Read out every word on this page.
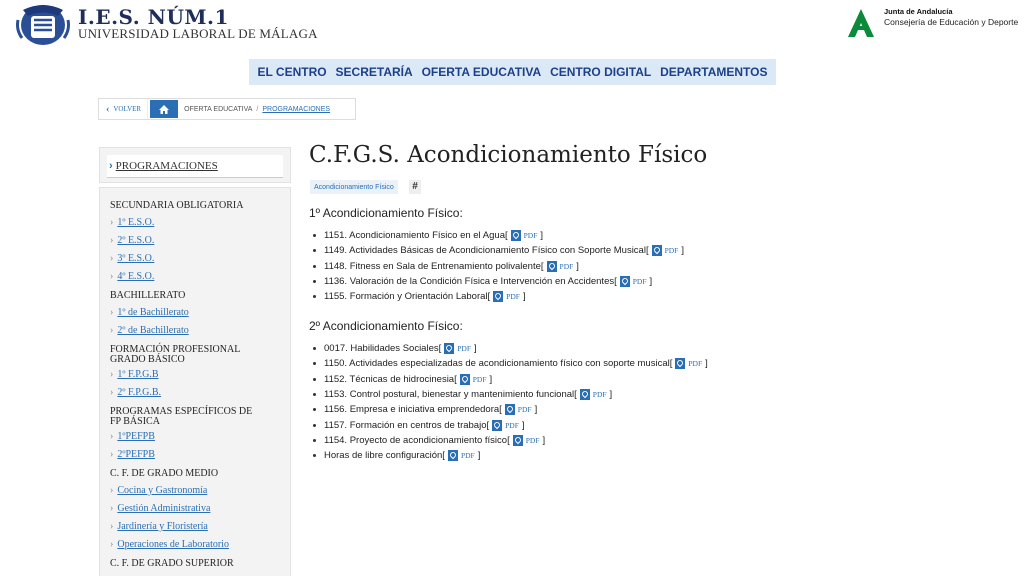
I.E.S. NÚM.1
UNIVERSIDAD LABORAL DE MÁLAGA
Junta de Andalucía
Consejería de Educación y Deporte
EL CENTRO SECRETARÍA OFERTA EDUCATIVA CENTRO DIGITAL DEPARTAMENTOS
‹ VOLVER	OFERTA EDUCATIVA / PROGRAMACIONES
› PROGRAMACIONES
SECUNDARIA OBLIGATORIA
› 1º E.S.O.
› 2º E.S.O.
› 3º E.S.O.
› 4º E.S.O.
BACHILLERATO
› 1º de Bachillerato
› 2º de Bachillerato
FORMACIÓN PROFESIONAL GRADO BÁSICO
› 1º F.P.G.B
› 2º F.P.G.B.
PROGRAMAS ESPECÍFICOS DE FP BÁSICA
› 1ºPEFPB
› 2ºPEFPB
C. F. DE GRADO MEDIO
› Cocina y Gastronomía
› Gestión Administrativa
› Jardinería y Floristería
› Operaciones de Laboratorio
C. F. DE GRADO SUPERIOR
C.F.G.S. Acondicionamiento Físico
Acondicionamiento Físico	#
1º Acondicionamiento Físico:
1151. Acondicionamiento Físico en el Agua [ PDF ]
1149. Actividades Básicas de Acondicionamiento Físico con Soporte Musical [ PDF ]
1148. Fitness en Sala de Entrenamiento polivalente [ PDF ]
1136. Valoración de la Condición Física e Intervención en Accidentes [ PDF ]
1155. Formación y Orientación Laboral [ PDF ]
2º Acondicionamiento Físico:
0017. Habilidades Sociales [ PDF ]
1150. Actividades especializadas de acondicionamiento físico con soporte musical [ PDF ]
1152. Técnicas de hidrocinesia [ PDF ]
1153. Control postural, bienestar y mantenimiento funcional [ PDF ]
1156. Empresa e iniciativa emprendedora [ PDF ]
1157. Formación en centros de trabajo [ PDF ]
1154. Proyecto de acondicionamiento físico [ PDF ]
Horas de libre configuración [ PDF ]
